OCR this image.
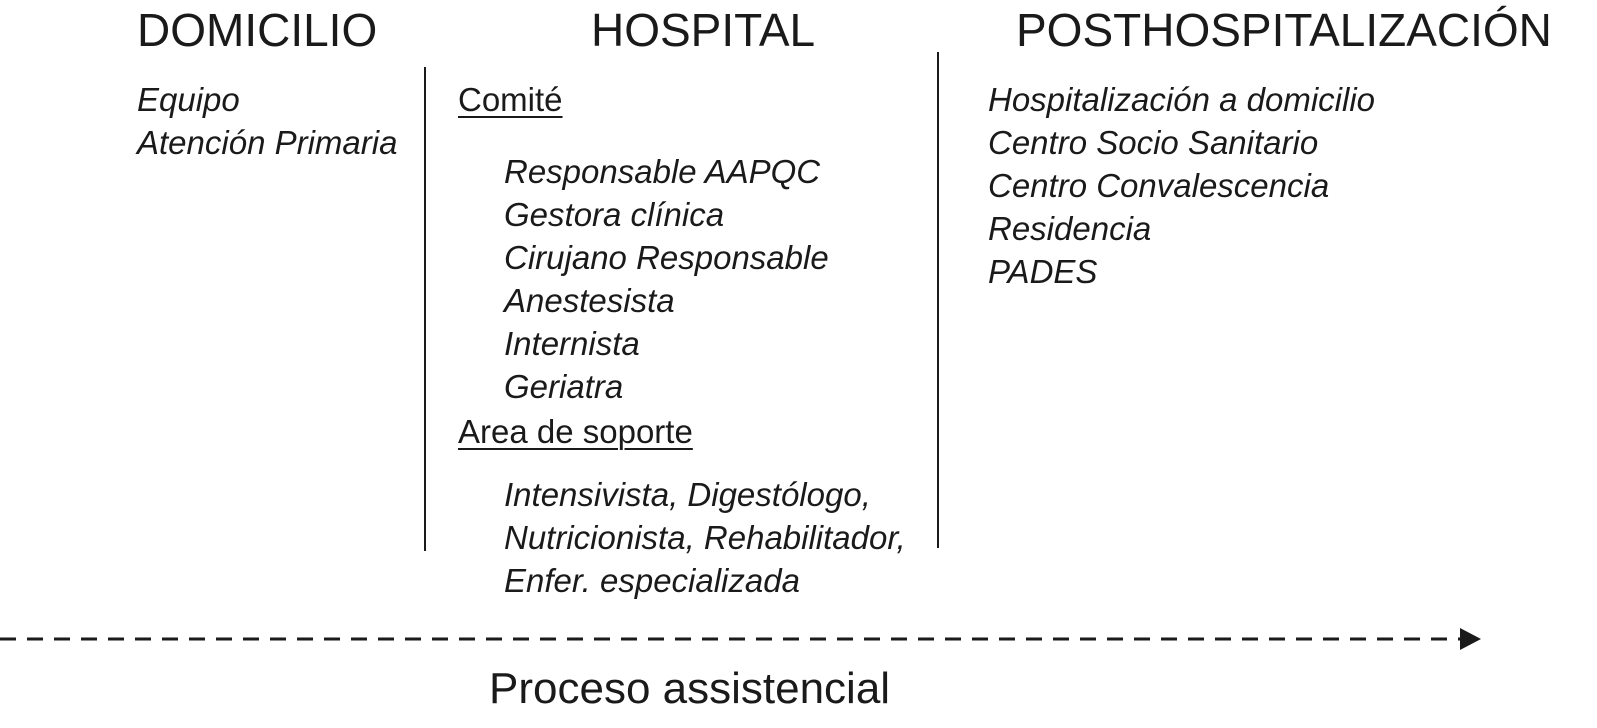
DOMICILIO	HOSPITAL	POSTHOSPITALIZACIÓN
Equipo
Atención Primaria
Comité
Responsable AAPQC
Gestora clínica
Cirujano Responsable
Anestesista
Internista
Geriatra
Area de soporte
Intensivista, Digestólogo,
Nutricionista, Rehabilitador,
Enfer. especializada
Hospitalización a domicilio
Centro Socio Sanitario
Centro Convalescencia
Residencia
PADES
Proceso assistencial
